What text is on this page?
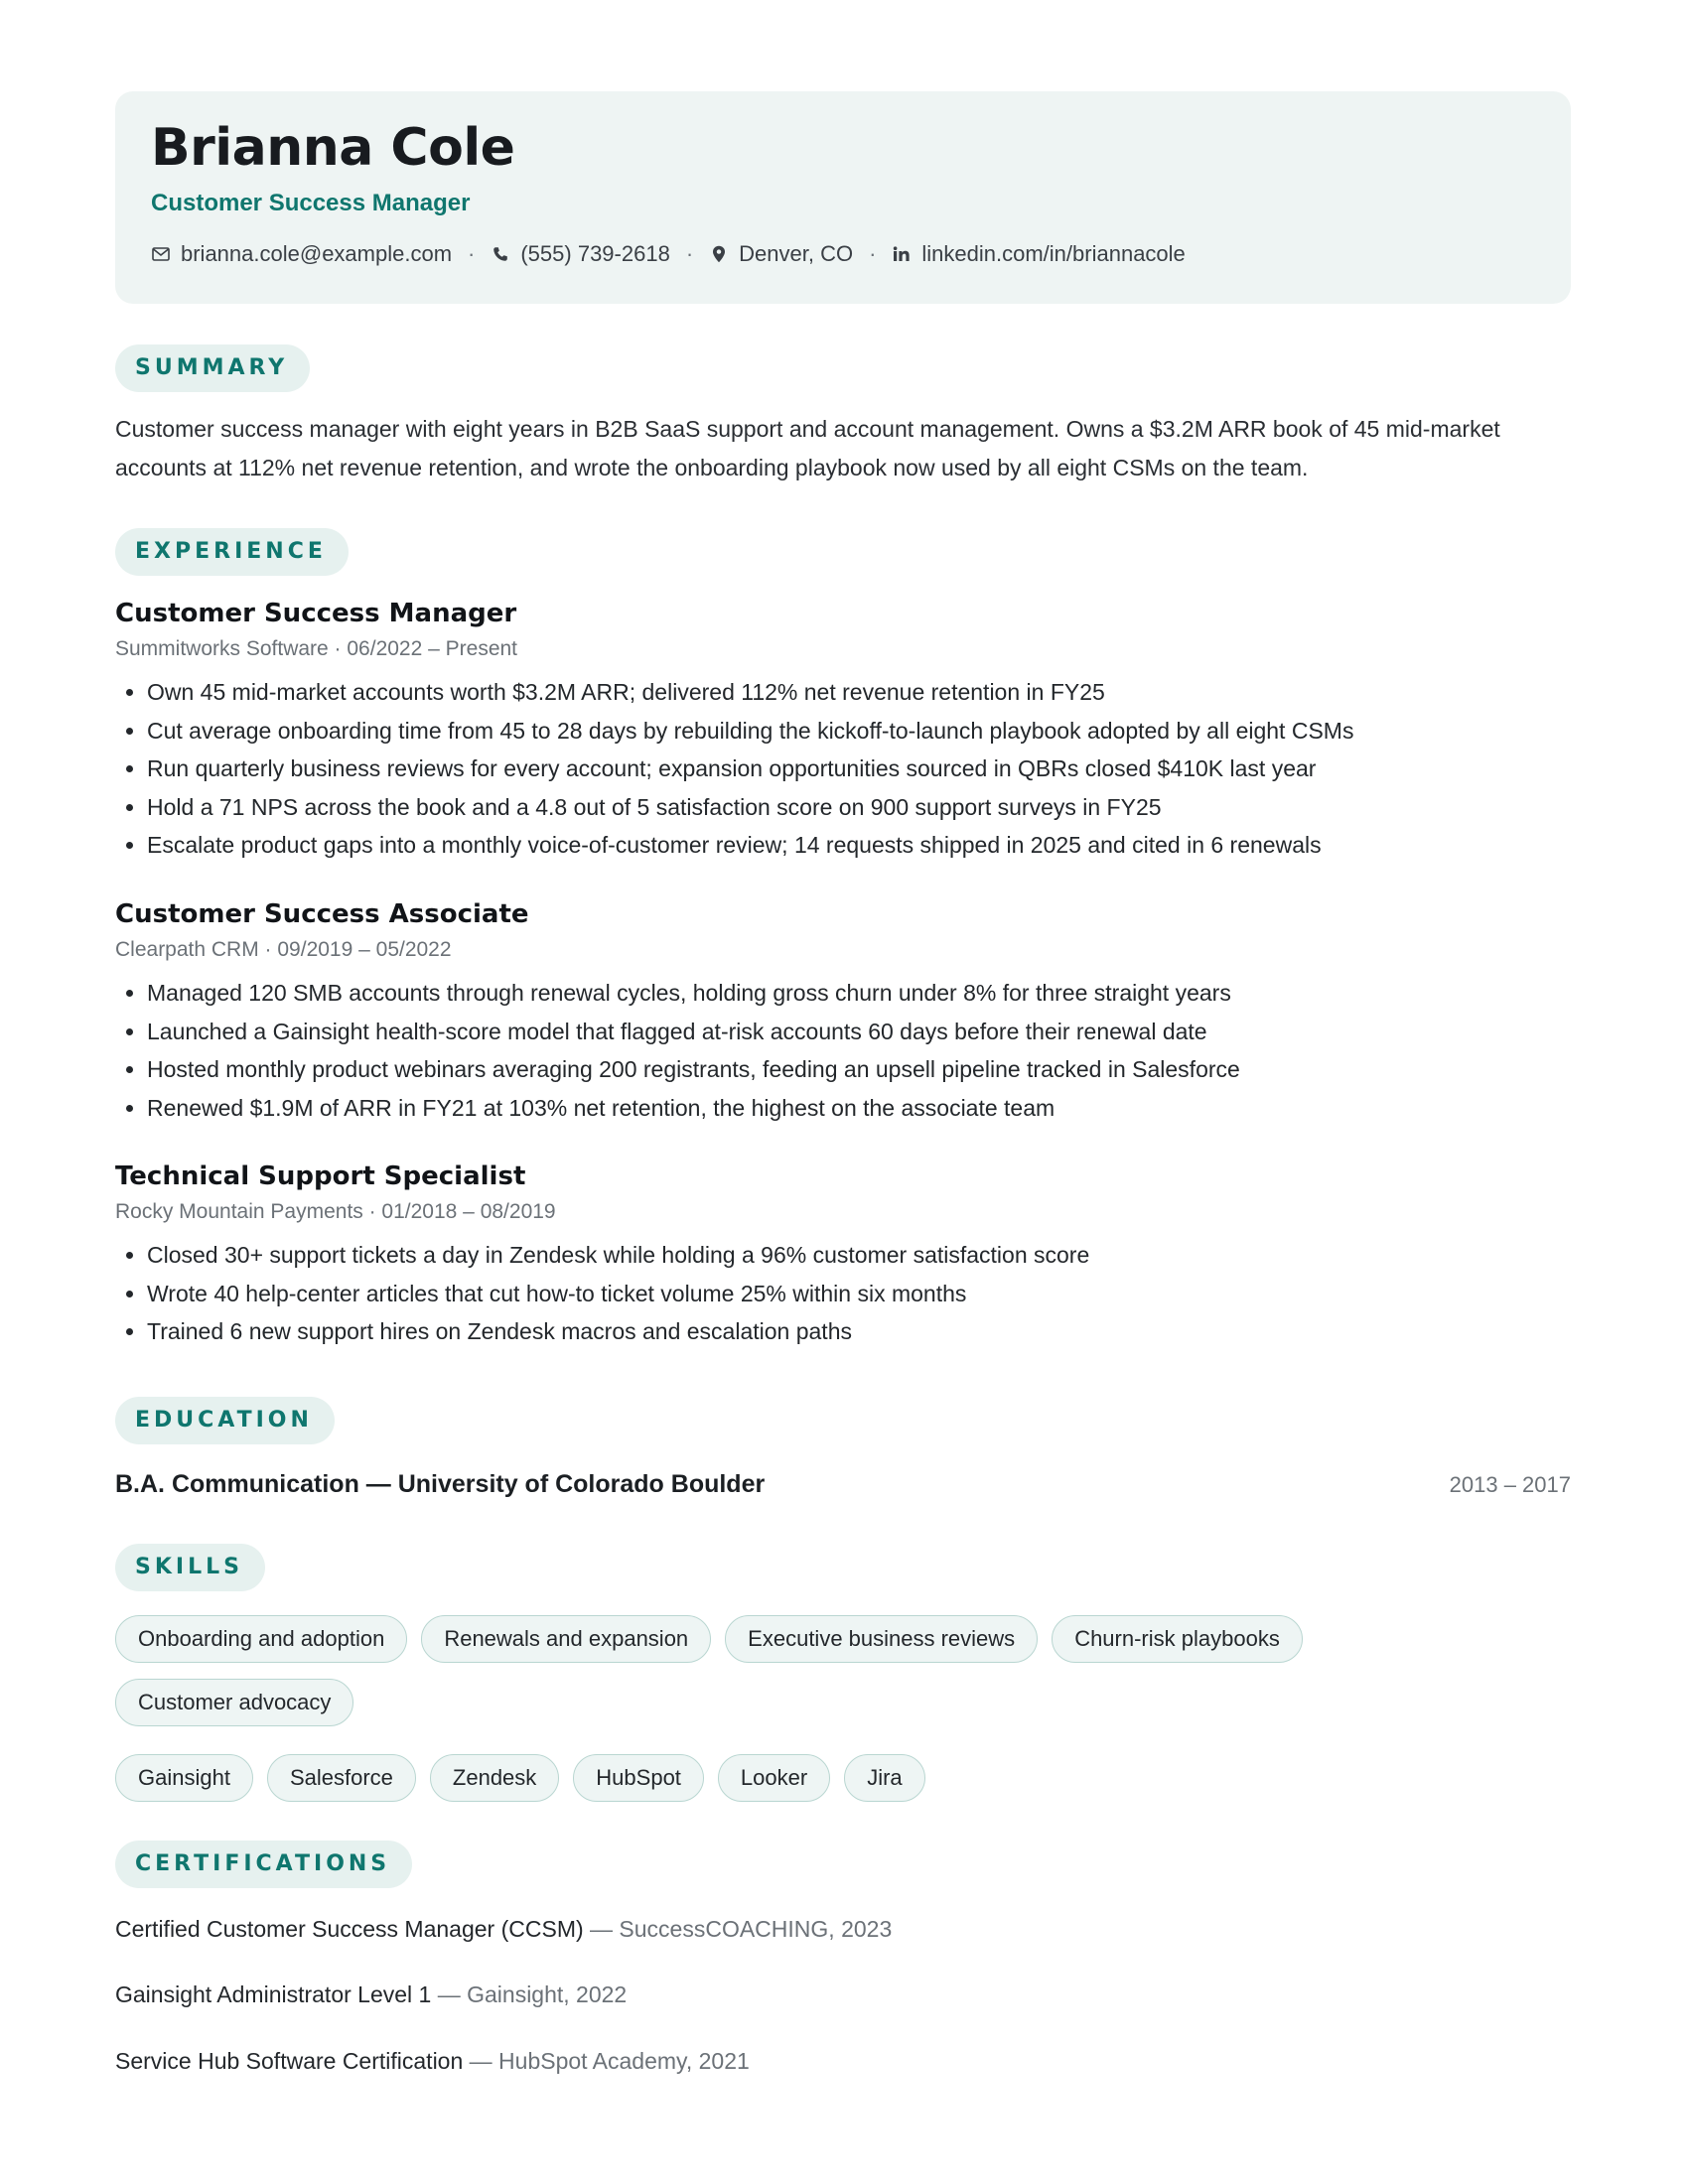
Brianna Cole
Customer Success Manager
brianna.cole@example.com · (555) 739-2618 · Denver, CO · linkedin.com/in/briannacole
SUMMARY
Customer success manager with eight years in B2B SaaS support and account management. Owns a $3.2M ARR book of 45 mid-market accounts at 112% net revenue retention, and wrote the onboarding playbook now used by all eight CSMs on the team.
EXPERIENCE
Customer Success Manager
Summitworks Software · 06/2022 – Present
• Own 45 mid-market accounts worth $3.2M ARR; delivered 112% net revenue retention in FY25
• Cut average onboarding time from 45 to 28 days by rebuilding the kickoff-to-launch playbook adopted by all eight CSMs
• Run quarterly business reviews for every account; expansion opportunities sourced in QBRs closed $410K last year
• Hold a 71 NPS across the book and a 4.8 out of 5 satisfaction score on 900 support surveys in FY25
• Escalate product gaps into a monthly voice-of-customer review; 14 requests shipped in 2025 and cited in 6 renewals
Customer Success Associate
Clearpath CRM · 09/2019 – 05/2022
• Managed 120 SMB accounts through renewal cycles, holding gross churn under 8% for three straight years
• Launched a Gainsight health-score model that flagged at-risk accounts 60 days before their renewal date
• Hosted monthly product webinars averaging 200 registrants, feeding an upsell pipeline tracked in Salesforce
• Renewed $1.9M of ARR in FY21 at 103% net retention, the highest on the associate team
Technical Support Specialist
Rocky Mountain Payments · 01/2018 – 08/2019
• Closed 30+ support tickets a day in Zendesk while holding a 96% customer satisfaction score
• Wrote 40 help-center articles that cut how-to ticket volume 25% within six months
• Trained 6 new support hires on Zendesk macros and escalation paths
EDUCATION
B.A. Communication — University of Colorado Boulder	2013 – 2017
SKILLS
Onboarding and adoption	Renewals and expansion	Executive business reviews	Churn-risk playbooks
Customer advocacy
Gainsight	Salesforce	Zendesk	HubSpot	Looker	Jira
CERTIFICATIONS
Certified Customer Success Manager (CCSM) — SuccessCOACHING, 2023
Gainsight Administrator Level 1 — Gainsight, 2022
Service Hub Software Certification — HubSpot Academy, 2021
